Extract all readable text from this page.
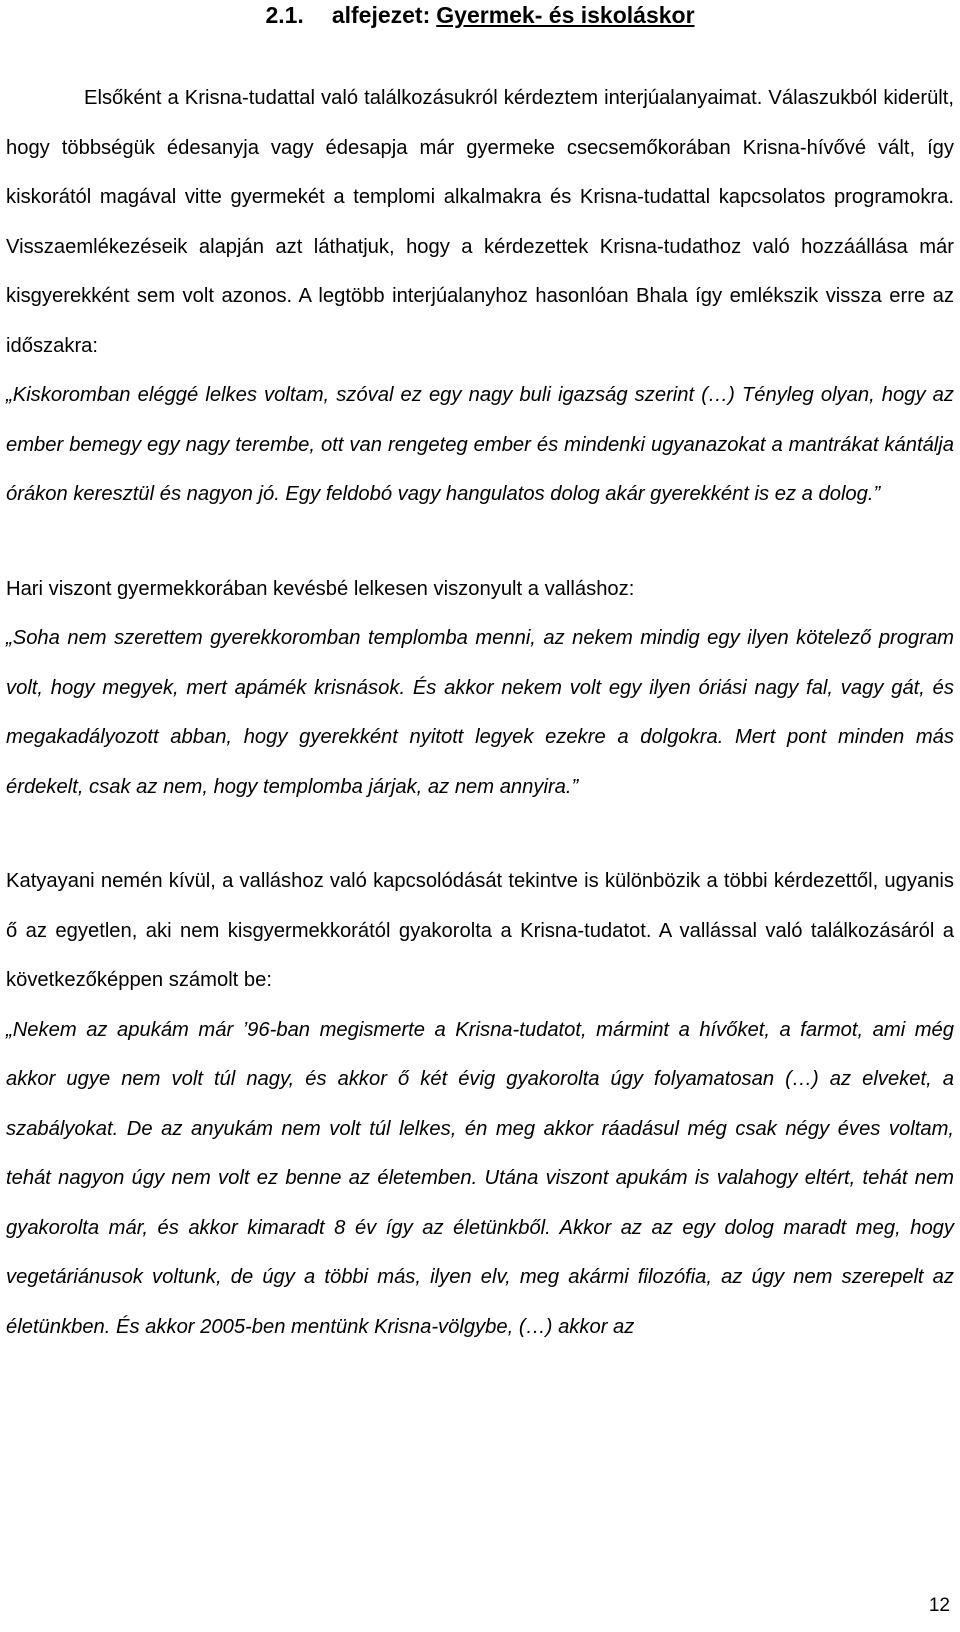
2.1. alfejezet: Gyermek- és iskoláskor

Elsőként a Krisna-tudattal való találkozásukról kérdeztem interjúalanyaimat. Válaszukból kiderült, hogy többségük édesanyja vagy édesapja már gyermeke csecsemőkorában Krisna-hívővé vált, így kiskorától magával vitte gyermekét a templomi alkalmakra és Krisna-tudattal kapcsolatos programokra. Visszaemlékezéseik alapján azt láthatjuk, hogy a kérdezettek Krisna-tudathoz való hozzáállása már kisgyerekként sem volt azonos. A legtöbb interjúalanyhoz hasonlóan Bhala így emlékszik vissza erre az időszakra:

„Kiskoromban eléggé lelkes voltam, szóval ez egy nagy buli igazság szerint (…) Tényleg olyan, hogy az ember bemegy egy nagy terembe, ott van rengeteg ember és mindenki ugyanazokat a mantrákat kántálja órákon keresztül és nagyon jó. Egy feldobó vagy hangulatos dolog akár gyerekként is ez a dolog.”

Hari viszont gyermekkorában kevésbé lelkesen viszonyult a valláshoz:

„Soha nem szerettem gyerekkoromban templomba menni, az nekem mindig egy ilyen kötelező program volt, hogy megyek, mert apámék krisnások. És akkor nekem volt egy ilyen óriási nagy fal, vagy gát, és megakadályozott abban, hogy gyerekként nyitott legyek ezekre a dolgokra. Mert pont minden más érdekelt, csak az nem, hogy templomba járjak, az nem annyira.”

Katyayani nemén kívül, a valláshoz való kapcsolódását tekintve is különbözik a többi kérdezettől, ugyanis ő az egyetlen, aki nem kisgyermekkorától gyakorolta a Krisna-tudatot. A vallással való találkozásáról a következőképpen számolt be:

„Nekem az apukám már ’96-ban megismerte a Krisna-tudatot, mármint a hívőket, a farmot, ami még akkor ugye nem volt túl nagy, és akkor ő két évig gyakorolta úgy folyamatosan (…) az elveket, a szabályokat. De az anyukám nem volt túl lelkes, én meg akkor ráadásul még csak négy éves voltam, tehát nagyon úgy nem volt ez benne az életemben. Utána viszont apukám is valahogy eltért, tehát nem gyakorolta már, és akkor kimaradt 8 év így az életünkből. Akkor az az egy dolog maradt meg, hogy vegetáriánusok voltunk, de úgy a többi más, ilyen elv, meg akármi filozófia, az úgy nem szerepelt az életünkben. És akkor 2005-ben mentünk Krisna-völgybe, (…) akkor az

12
